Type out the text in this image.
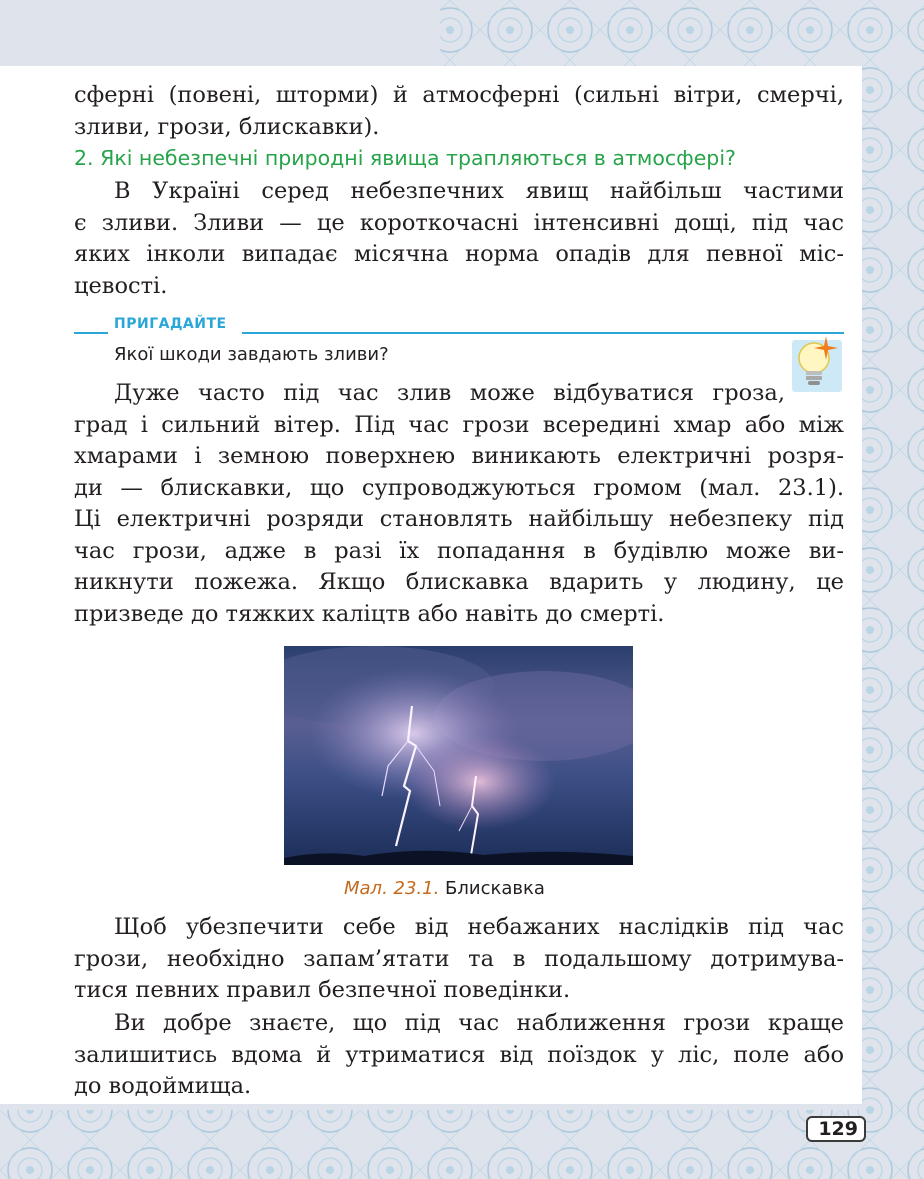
сферні (повені, шторми) й атмосферні (сильні вітри, смерчі,
зливи, грози, блискавки).

2. Які небезпечні природні явища трапляються в атмосфері?

В Україні серед небезпечних явищ найбільш частими
є зливи. Зливи — це короткочасні інтенсивні дощі, під час
яких інколи випадає місячна норма опадів для певної міс-
цевості.

ПРИГАДАЙТЕ
Якої шкоди завдають зливи?

Дуже часто під час злив може відбуватися гроза,
град і сильний вітер. Під час грози всередині хмар або між
хмарами і земною поверхнею виникають електричні розря-
ди — блискавки, що супроводжуються громом (мал. 23.1).
Ці електричні розряди становлять найбільшу небезпеку під
час грози, адже в разі їх попадання в будівлю може ви-
никнути пожежа. Якщо блискавка вдарить у людину, це
призведе до тяжких каліцтв або навіть до смерті.

Мал. 23.1. Блискавка

Щоб убезпечити себе від небажаних наслідків під час
грози, необхідно запам’ятати та в подальшому дотримува-
тися певних правил безпечної поведінки.

Ви добре знаєте, що під час наближення грози краще
залишитись вдома й утриматися від поїздок у ліс, поле або
до водоймища.

129
